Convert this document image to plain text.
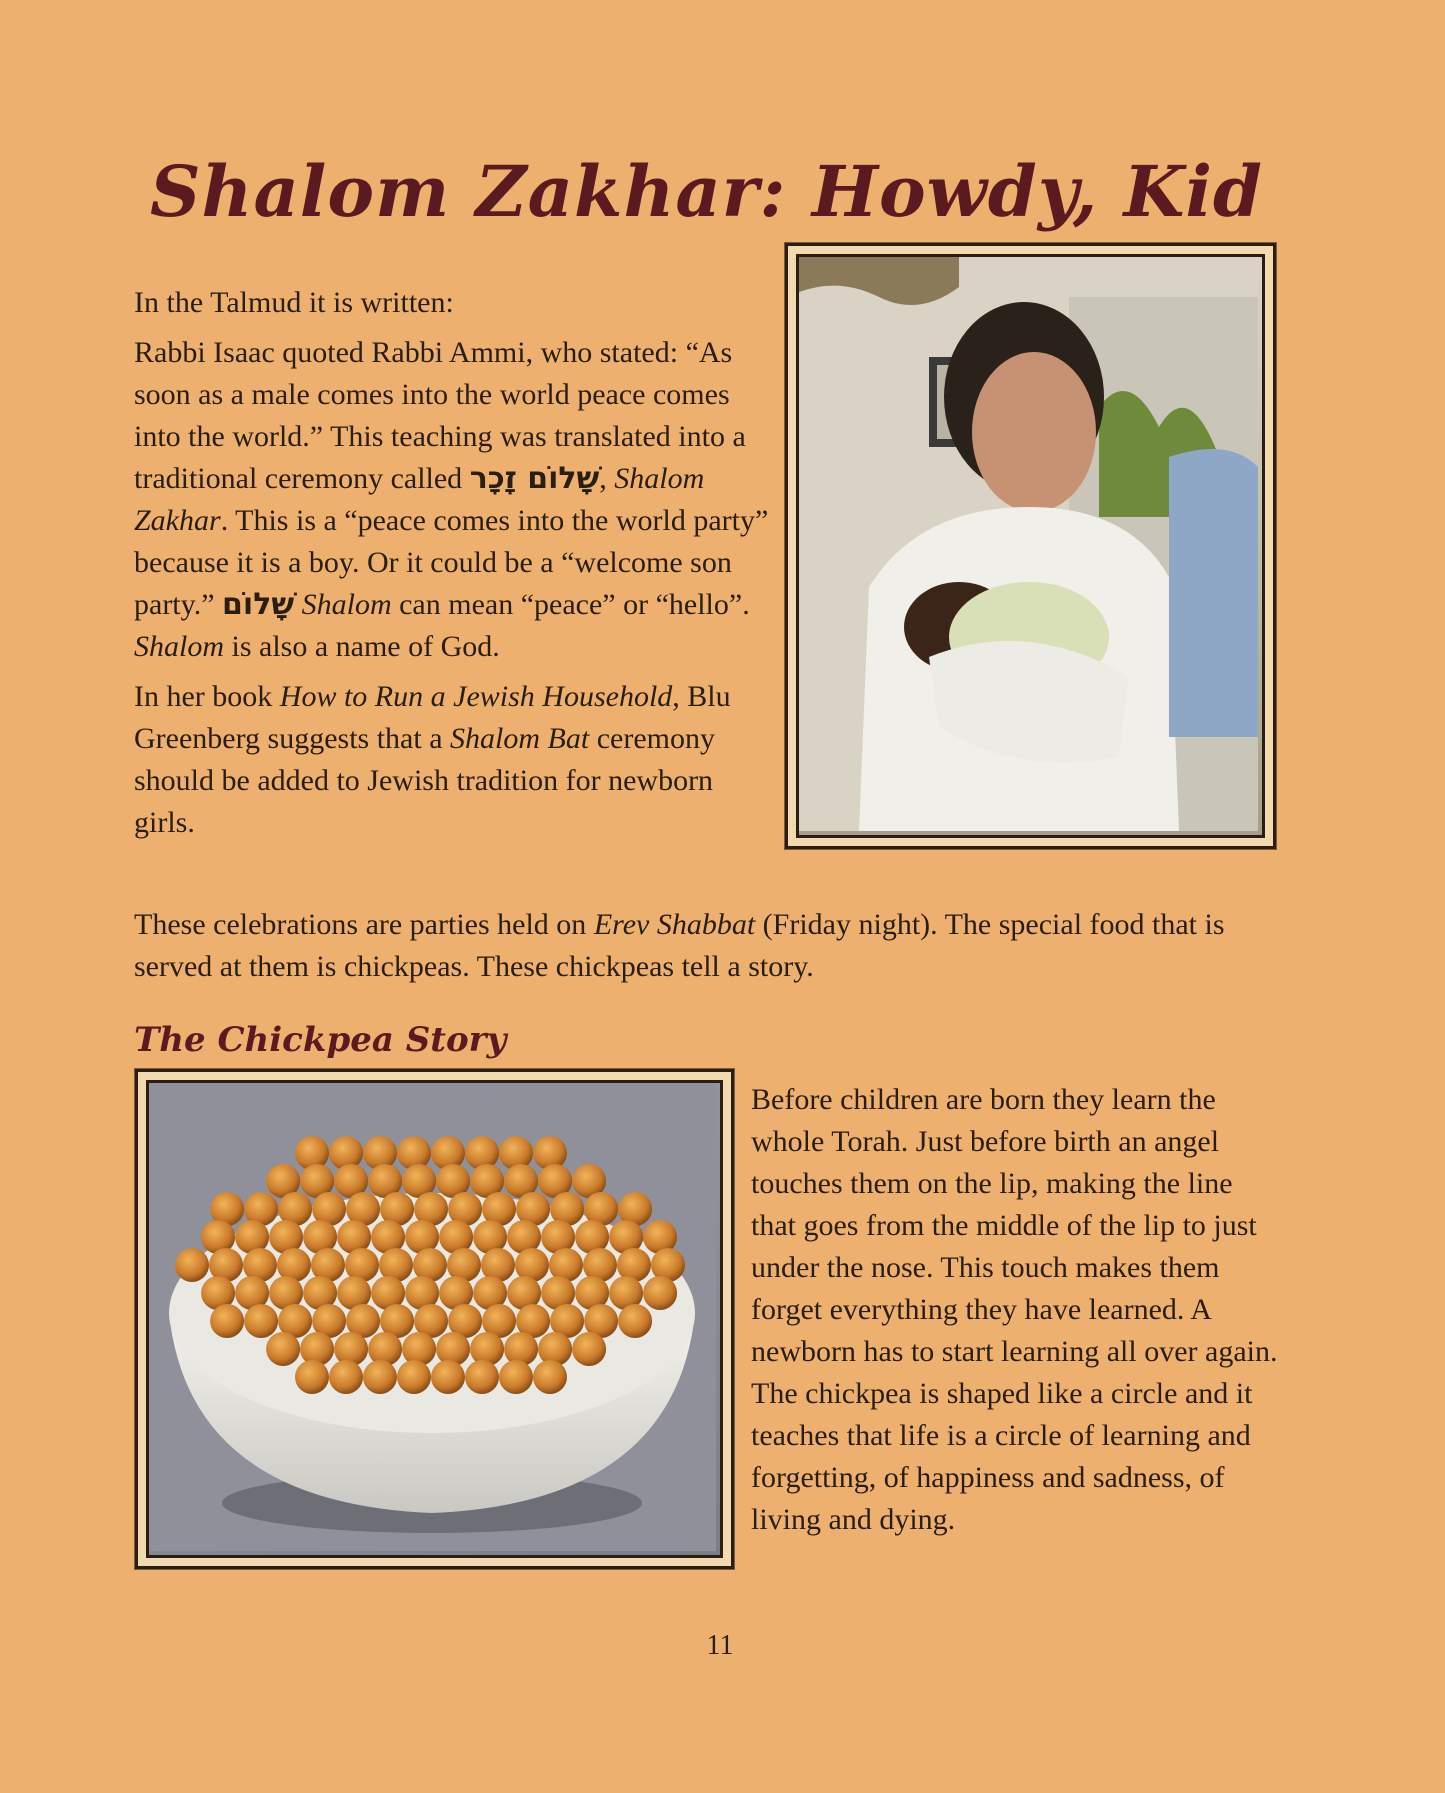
Shalom Zakhar: Howdy, Kid

In the Talmud it is written:

Rabbi Isaac quoted Rabbi Ammi, who stated: “As soon as a male comes into the world peace comes into the world.” This teaching was translated into a traditional ceremony called שָׁלוֹם זָכָר, Shalom Zakhar. This is a “peace comes into the world party” because it is a boy. Or it could be a “welcome son party.” שָׁלוֹם Shalom can mean “peace” or “hello”. Shalom is also a name of God.

In her book How to Run a Jewish Household, Blu Greenberg suggests that a Shalom Bat ceremony should be added to Jewish tradition for newborn girls.

These celebrations are parties held on Erev Shabbat (Friday night). The special food that is served at them is chickpeas. These chickpeas tell a story.

The Chickpea Story
Before children are born they learn the whole Torah. Just before birth an angel touches them on the lip, making the line that goes from the middle of the lip to just under the nose. This touch makes them forget everything they have learned. A newborn has to start learning all over again. The chickpea is shaped like a circle and it teaches that life is a circle of learning and forgetting, of happiness and sadness, of living and dying.
11
